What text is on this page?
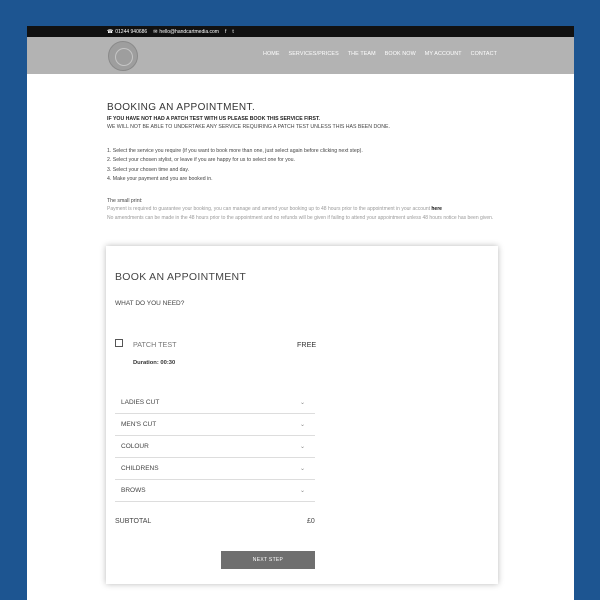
☎ 01244 940686 ✉ hello@handcartmedia.com f t
HOME SERVICES/PRICES THE TEAM BOOK NOW MY ACCOUNT CONTACT
BOOKING AN APPOINTMENT.
IF YOU HAVE NOT HAD A PATCH TEST WITH US PLEASE BOOK THIS SERVICE FIRST.
WE WILL NOT BE ABLE TO UNDERTAKE ANY SERVICE REQUIRING A PATCH TEST UNLESS THIS HAS BEEN DONE.
1. Select the service you require (if you want to book more than one, just select again before clicking next step).
2. Select your chosen stylist, or leave if you are happy for us to select one for you.
3. Select your chosen time and day.
4. Make your payment and you are booked in.
The small print:
Payment is required to guarantee your booking, you can manage and amend your booking up to 48 hours prior to the appointment in your account here
No amendments can be made in the 48 hours prior to the appointment and no refunds will be given if failing to attend your appointment unless 48 hours notice has been given.
BOOK AN APPOINTMENT
WHAT DO YOU NEED?
PATCH TEST	FREE
Duration: 00:30
LADIES CUT	⌄
MEN'S CUT	⌄
COLOUR	⌄
CHILDRENS	⌄
BROWS	⌄
SUBTOTAL	£0
NEXT STEP
